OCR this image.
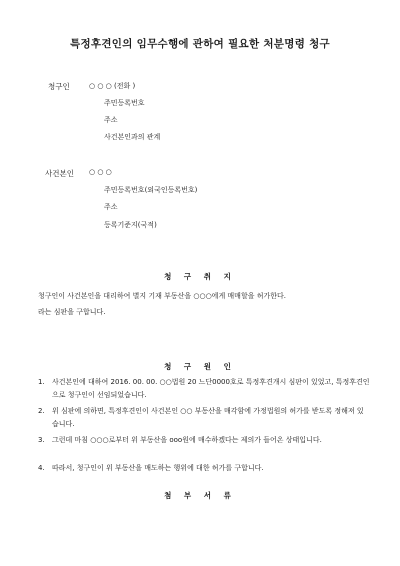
특정후견인의 임무수행에 관하여 필요한 처분명령 청구
청구인	○ ○ ○ (전화 )
주민등록번호
주소
사건본인과의 관계
사건본인 ○ ○ ○
주민등록번호(외국인등록번호)
주소
등록기준지(국적)
청 구 취 지

청구인이 사건본인을 대리하여 별지 기재 부동산을 ○○○에게 매매할을 허가한다.

라는 심판을 구합니다.

청 구 원 인
1. 사건본인에 대하여 2016. 00. 00. ○○법원 20 느단0000호로 특정후견개시 심판이 있었고, 특정후견인으로 청구인이 선임되었습니다.
2. 위 심판에 의하면, 특정후견인이 사건본인 ○○ 부동산을 매각함에 가정법원의 허가를 받도록 정해져 있습니다.
3. 그런데 마침 ○○○로부터 위 부동산을 ooo원에 매수하겠다는 제의가 들어온 상태입니다.
4. 따라서, 청구인이 위 부동산을 매도하는 행위에 대한 허가를 구합니다.
첨 부 서 류
